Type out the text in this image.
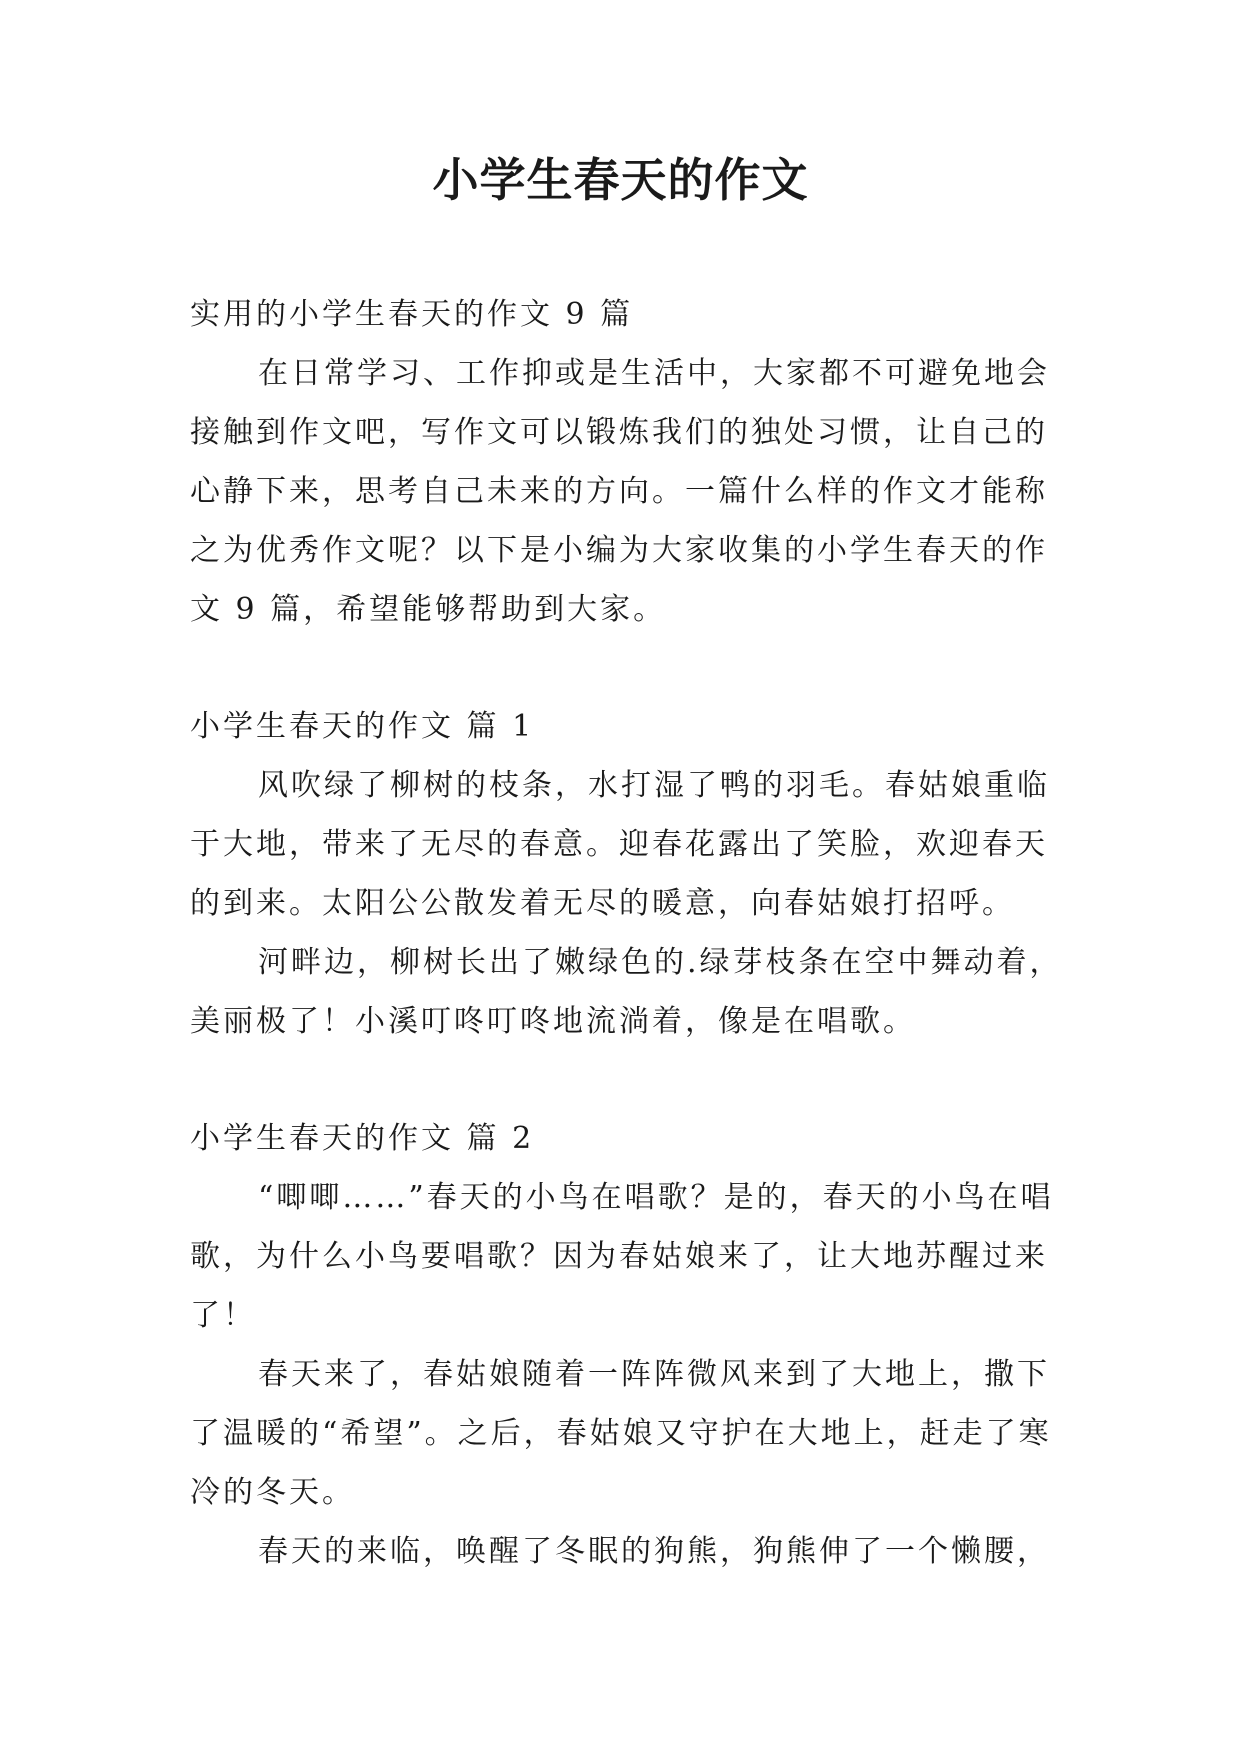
小学生春天的作文

实用的小学生春天的作文 9 篇

在日常学习、工作抑或是生活中，大家都不可避免地会接触到作文吧，写作文可以锻炼我们的独处习惯，让自己的心静下来，思考自己未来的方向。一篇什么样的作文才能称之为优秀作文呢？以下是小编为大家收集的小学生春天的作文 9 篇，希望能够帮助到大家。

小学生春天的作文 篇 1

风吹绿了柳树的枝条，水打湿了鸭的羽毛。春姑娘重临于大地，带来了无尽的春意。迎春花露出了笑脸，欢迎春天的到来。太阳公公散发着无尽的暖意，向春姑娘打招呼。

河畔边，柳树长出了嫩绿色的.绿芽枝条在空中舞动着，美丽极了！小溪叮咚叮咚地流淌着，像是在唱歌。

小学生春天的作文 篇 2

“唧唧……”春天的小鸟在唱歌？是的，春天的小鸟在唱歌，为什么小鸟要唱歌？因为春姑娘来了，让大地苏醒过来了！

春天来了，春姑娘随着一阵阵微风来到了大地上，撒下了温暖的“希望”。之后，春姑娘又守护在大地上，赶走了寒冷的冬天。

春天的来临，唤醒了冬眠的狗熊，狗熊伸了一个懒腰，
